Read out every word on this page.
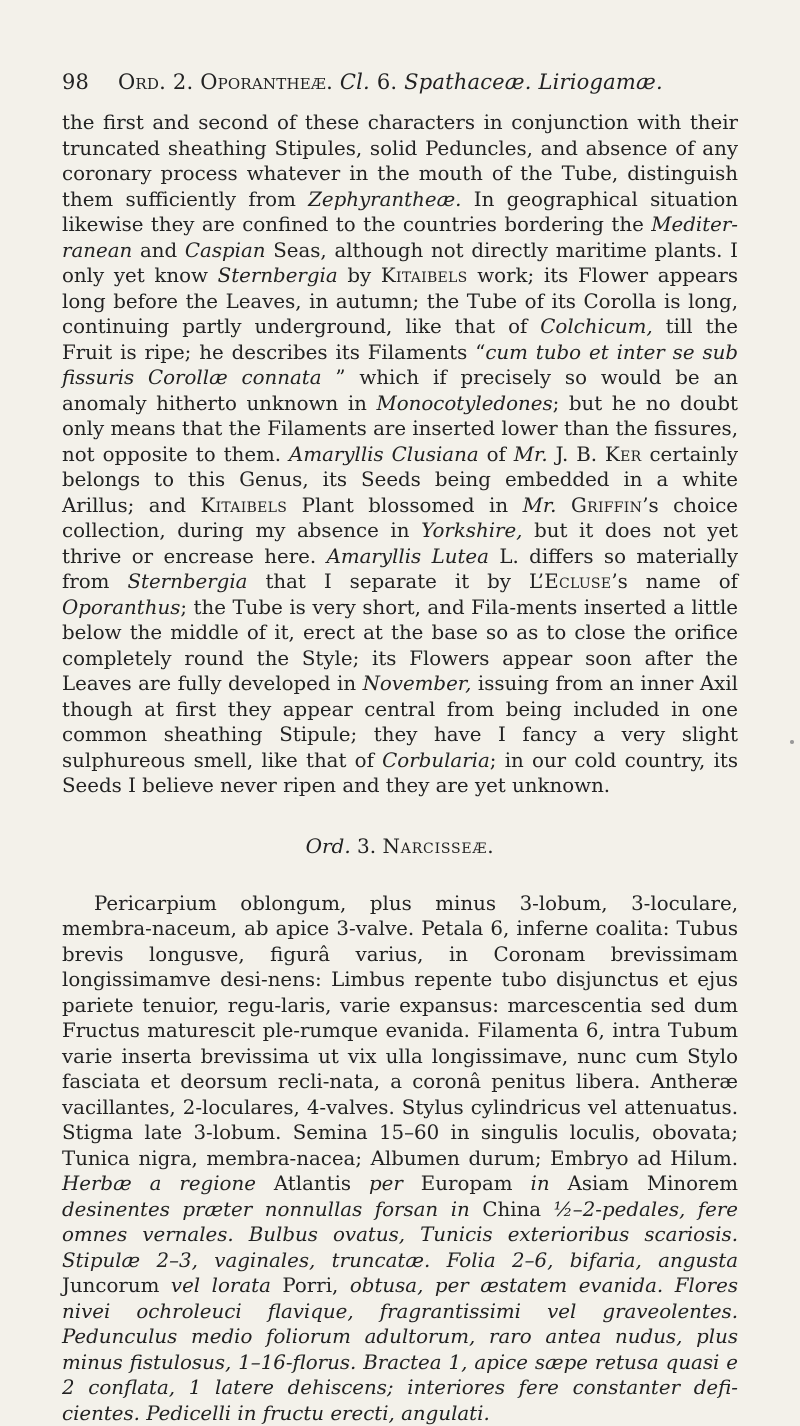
98	Ord. 2. Oporantheæ. Cl. 6. Spathaceæ. Liriogamæ.

the first and second of these characters in conjunction with their truncated sheathing Stipules, solid Peduncles, and absence of any coronary process whatever in the mouth of the Tube, distinguish them sufficiently from Zephyrantheæ. In geographical situation likewise they are confined to the countries bordering the Mediter-ranean and Caspian Seas, although not directly maritime plants. I only yet know Sternbergia by Kitaibels work; its Flower appears long before the Leaves, in autumn; the Tube of its Corolla is long, continuing partly underground, like that of Colchicum, till the Fruit is ripe; he describes its Filaments “cum tubo et inter se sub fissuris Corollæ connata ” which if precisely so would be an anomaly hitherto unknown in Monocotyledones; but he no doubt only means that the Filaments are inserted lower than the fissures, not opposite to them. Amaryllis Clusiana of Mr. J. B. Ker certainly belongs to this Genus, its Seeds being embedded in a white Arillus; and Kitaibels Plant blossomed in Mr. Griffin’s choice collection, during my absence in Yorkshire, but it does not yet thrive or encrease here. Amaryllis Lutea L. differs so materially from Sternbergia that I separate it by L’Ecluse’s name of Oporanthus; the Tube is very short, and Fila-ments inserted a little below the middle of it, erect at the base so as to close the orifice completely round the Style; its Flowers appear soon after the Leaves are fully developed in November, issuing from an inner Axil though at first they appear central from being included in one common sheathing Stipule; they have I fancy a very slight sulphureous smell, like that of Corbularia; in our cold country, its Seeds I believe never ripen and they are yet unknown.

Ord. 3. Narcisseæ.

Pericarpium oblongum, plus minus 3-lobum, 3-loculare, membra-naceum, ab apice 3-valve. Petala 6, inferne coalita: Tubus brevis longusve, figurâ varius, in Coronam brevissimam longissimamve desi-nens: Limbus repente tubo disjunctus et ejus pariete tenuior, regu-laris, varie expansus: marcescentia sed dum Fructus maturescit ple-rumque evanida. Filamenta 6, intra Tubum varie inserta brevissima ut vix ulla longissimave, nunc cum Stylo fasciata et deorsum recli-nata, a coronâ penitus libera. Antheræ vacillantes, 2-loculares, 4-valves. Stylus cylindricus vel attenuatus. Stigma late 3-lobum. Semina 15–60 in singulis loculis, obovata; Tunica nigra, membra-nacea; Albumen durum; Embryo ad Hilum. Herbæ a regione Atlantis per Europam in Asiam Minorem desinentes præter nonnullas forsan in China ½–2-pedales, fere omnes vernales. Bulbus ovatus, Tunicis exterioribus scariosis. Stipulæ 2–3, vaginales, truncatæ. Folia 2–6, bifaria, angusta Juncorum vel lorata Porri, obtusa, per æstatem evanida. Flores nivei ochroleuci flavique, fragrantissimi vel graveolentes. Pedunculus medio foliorum adultorum, raro antea nudus, plus minus fistulosus, 1–16-florus. Bractea 1, apice sæpe retusa quasi e 2 conflata, 1 latere dehiscens; interiores fere constanter defi-cientes. Pedicelli in fructu erecti, angulati.
